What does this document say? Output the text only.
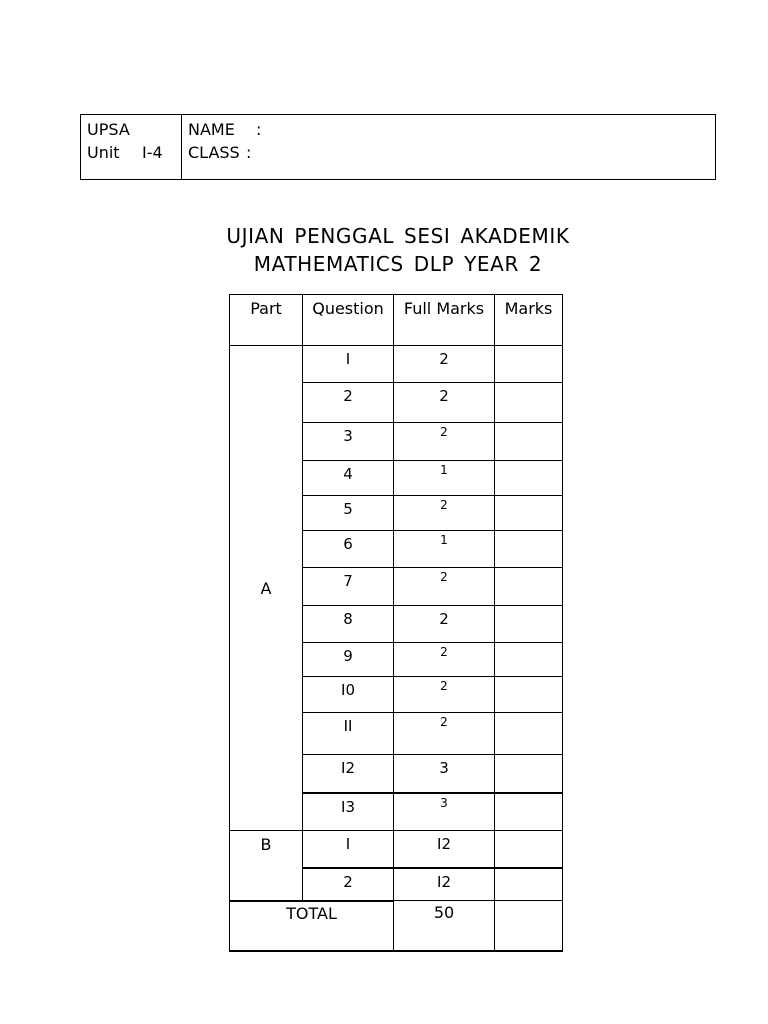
UPSA
Unit	I-4
NAME	:
CLASS :
UJIAN PENGGAL SESI AKADEMIK
MATHEMATICS DLP YEAR 2
Part	Question	Full Marks	Marks
A	I	2	
	2	2	
	3	2	
	4	1	
	5	2	
	6	1	
	7	2	
	8	2	
	9	2	
	I0	2	
	II	2	
	I2	3	
	I3	3	
B	I	I2	
	2	I2	
TOTAL		50	
